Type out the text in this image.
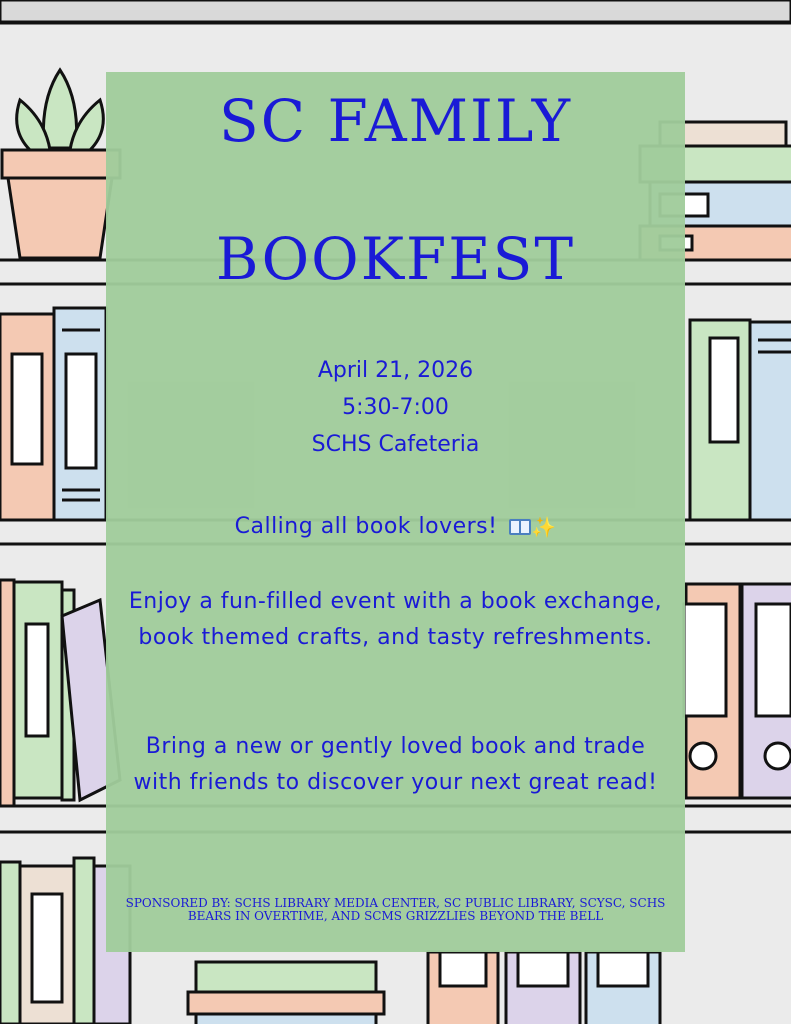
SC FAMILY
BOOKFEST
April 21, 2026
5:30-7:00
SCHS Cafeteria
Calling all book lovers! ✨
Enjoy a fun-filled event with a book exchange, book themed crafts, and tasty refreshments.
Bring a new or gently loved book and trade with friends to discover your next great read!
SPONSORED BY: SCHS LIBRARY MEDIA CENTER, SC PUBLIC LIBRARY, SCYSC, SCHS BEARS IN OVERTIME, AND SCMS GRIZZLIES BEYOND THE BELL
